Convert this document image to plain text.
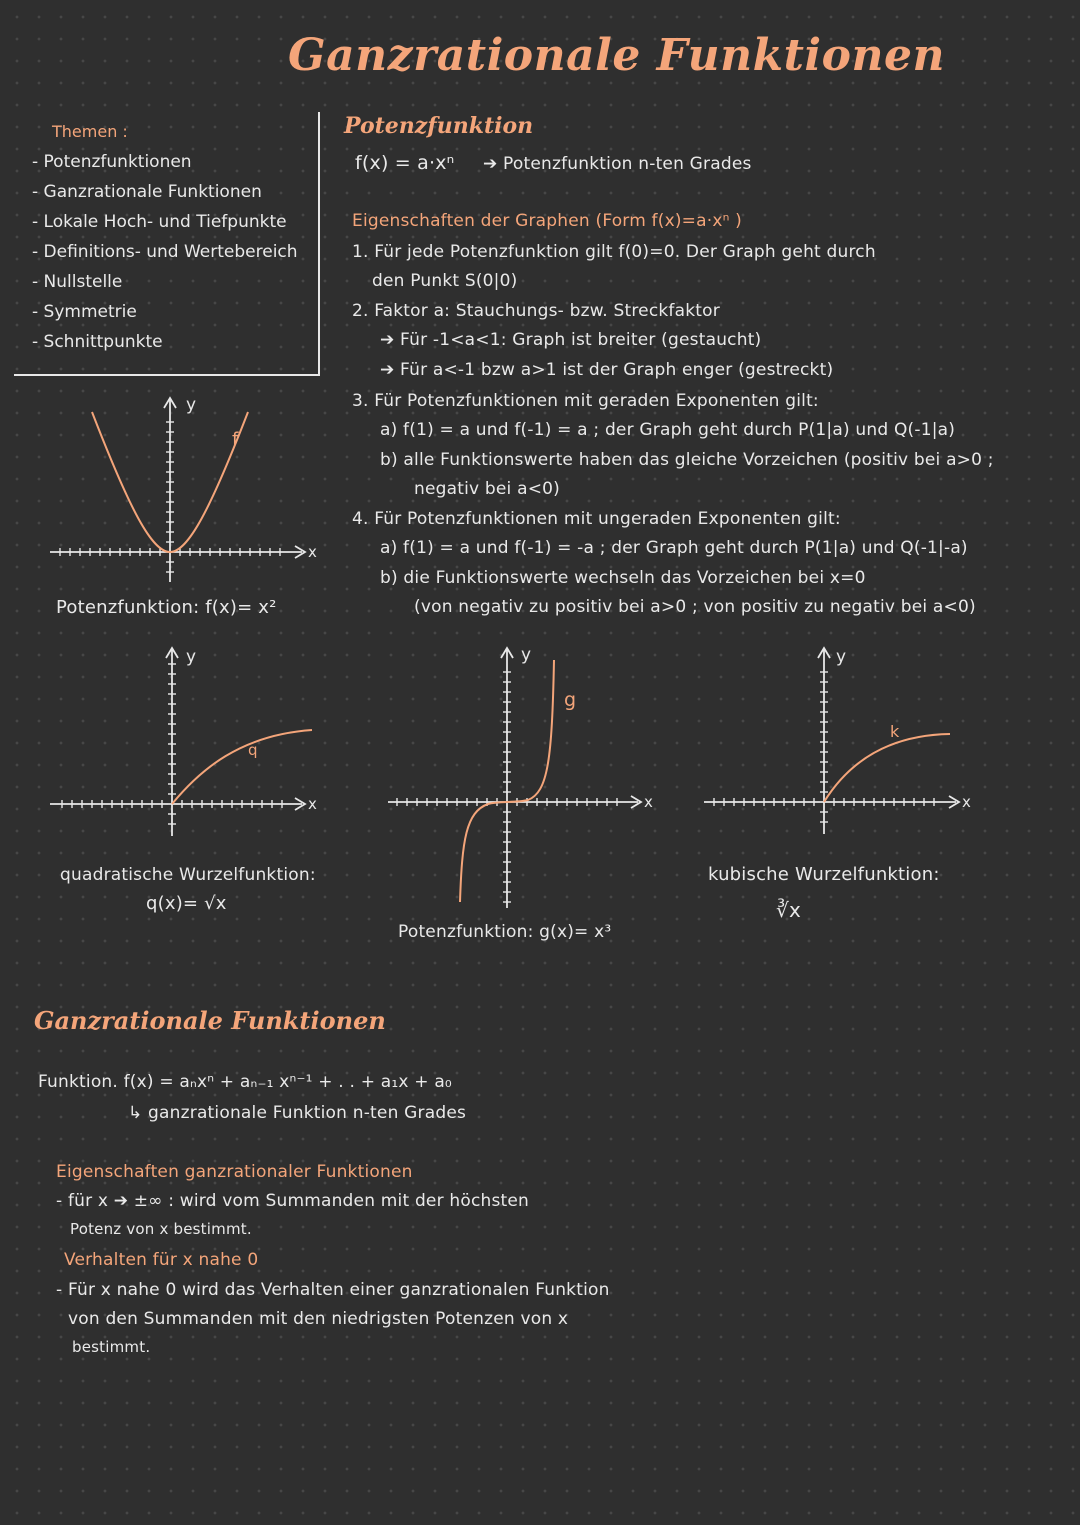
Ganzrationale Funktionen
Themen :
- Potenzfunktionen
- Ganzrationale Funktionen
- Lokale Hoch- und Tiefpunkte
- Definitions- und Wertebereich
- Nullstelle
- Symmetrie
- Schnittpunkte
Potenzfunktion
f(x) = a·xⁿ ➔ Potenzfunktion n-ten Grades
Eigenschaften der Graphen (Form f(x)=a·xⁿ )
1. Für jede Potenzfunktion gilt f(0)=0. Der Graph geht durch
den Punkt S(0|0)
2. Faktor a: Stauchungs- bzw. Streckfaktor
➔ Für -1<a<1: Graph ist breiter (gestaucht)
➔ Für a<-1 bzw a>1 ist der Graph enger (gestreckt)
3. Für Potenzfunktionen mit geraden Exponenten gilt:
a) f(1) = a und f(-1) = a ; der Graph geht durch P(1|a) und Q(-1|a)
b) alle Funktionswerte haben das gleiche Vorzeichen (positiv bei a>0 ;
negativ bei a<0)
4. Für Potenzfunktionen mit ungeraden Exponenten gilt:
a) f(1) = a und f(-1) = -a ; der Graph geht durch P(1|a) und Q(-1|-a)
b) die Funktionswerte wechseln das Vorzeichen bei x=0
(von negativ zu positiv bei a>0 ; von positiv zu negativ bei a<0)
y
x
f
Potenzfunktion: f(x)= x²
y
x
q
quadratische Wurzelfunktion:
q(x)= √x
y
x
g
Potenzfunktion: g(x)= x³
y
x
k
kubische Wurzelfunktion:
∛x
Ganzrationale Funktionen
Funktion. f(x) = aₙxⁿ + aₙ₋₁ xⁿ⁻¹ + . . + a₁x + a₀
↳ ganzrationale Funktion n-ten Grades
Eigenschaften ganzrationaler Funktionen
- für x ➔ ±∞ : wird vom Summanden mit der höchsten
Potenz von x bestimmt.
Verhalten für x nahe 0
- Für x nahe 0 wird das Verhalten einer ganzrationalen Funktion
von den Summanden mit den niedrigsten Potenzen von x
bestimmt.
